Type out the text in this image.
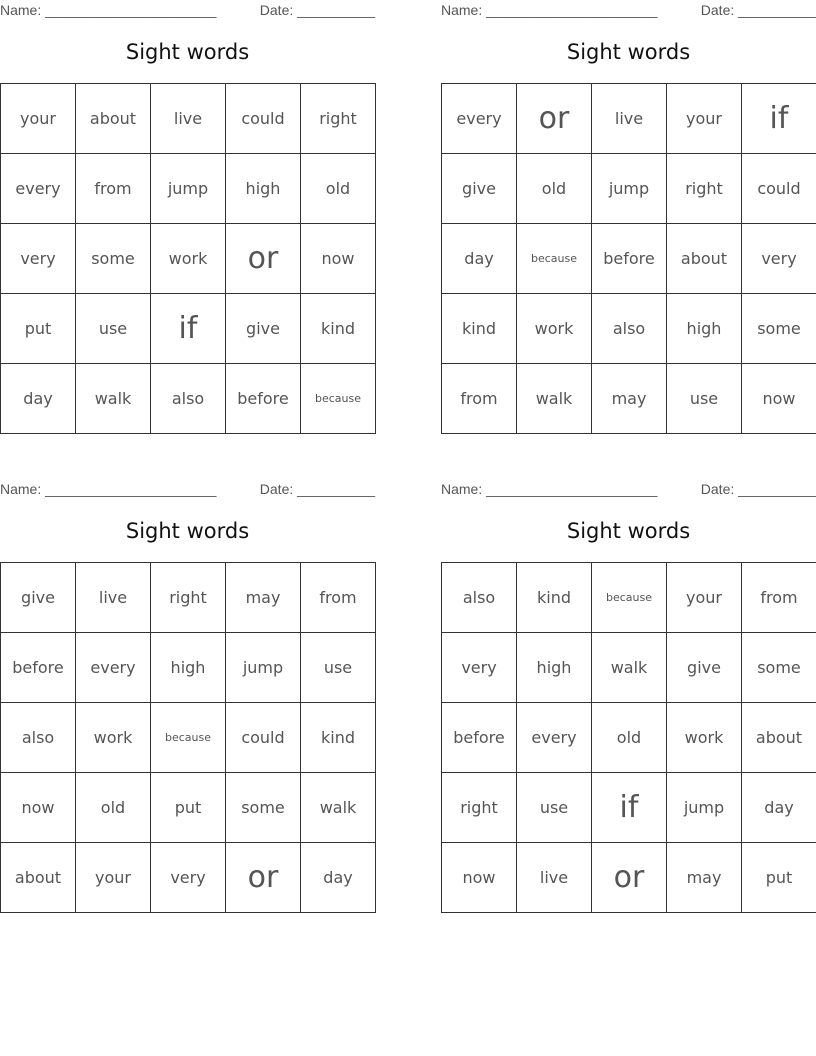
Name: ______________________	Date: __________
Sight words
your	about	live	could	right
every	from	jump	high	old
very	some	work	or	now
put	use	if	give	kind
day	walk	also	before	because
Name: ______________________	Date: __________
Sight words
every	or	live	your	if
give	old	jump	right	could
day	because	before	about	very
kind	work	also	high	some
from	walk	may	use	now
Name: ______________________	Date: __________
Sight words
give	live	right	may	from
before	every	high	jump	use
also	work	because	could	kind
now	old	put	some	walk
about	your	very	or	day
Name: ______________________	Date: __________
Sight words
also	kind	because	your	from
very	high	walk	give	some
before	every	old	work	about
right	use	if	jump	day
now	live	or	may	put
